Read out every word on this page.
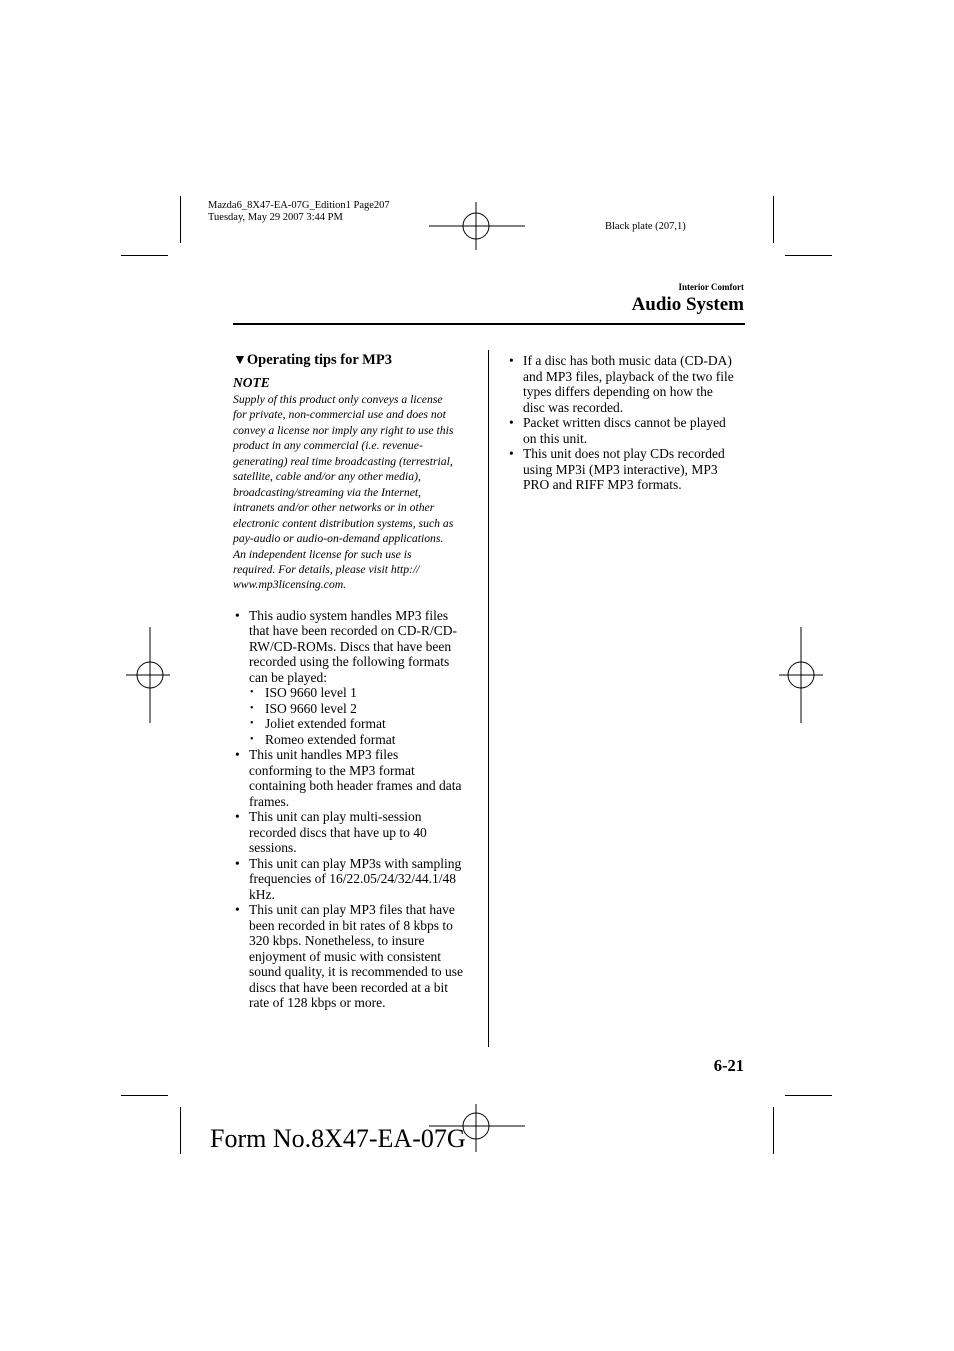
Mazda6_8X47-EA-07G_Edition1 Page207
Tuesday, May 29 2007 3:44 PM
Black plate (207,1)
Interior Comfort
Audio System
▼Operating tips for MP3
NOTE
Supply of this product only conveys a license
for private, non-commercial use and does not
convey a license nor imply any right to use this
product in any commercial (i.e. revenue-
generating) real time broadcasting (terrestrial,
satellite, cable and/or any other media),
broadcasting/streaming via the Internet,
intranets and/or other networks or in other
electronic content distribution systems, such as
pay-audio or audio-on-demand applications.
An independent license for such use is
required. For details, please visit http://
www.mp3licensing.com.
• This audio system handles MP3 files
that have been recorded on CD-R/CD-
RW/CD-ROMs. Discs that have been
recorded using the following formats
can be played:
• ISO 9660 level 1
• ISO 9660 level 2
• Joliet extended format
• Romeo extended format
• This unit handles MP3 files
conforming to the MP3 format
containing both header frames and data
frames.
• This unit can play multi-session
recorded discs that have up to 40
sessions.
• This unit can play MP3s with sampling
frequencies of 16/22.05/24/32/44.1/48
kHz.
• This unit can play MP3 files that have
been recorded in bit rates of 8 kbps to
320 kbps. Nonetheless, to insure
enjoyment of music with consistent
sound quality, it is recommended to use
discs that have been recorded at a bit
rate of 128 kbps or more.
• If a disc has both music data (CD-DA)
and MP3 files, playback of the two file
types differs depending on how the
disc was recorded.
• Packet written discs cannot be played
on this unit.
• This unit does not play CDs recorded
using MP3i (MP3 interactive), MP3
PRO and RIFF MP3 formats.
6-21
Form No.8X47-EA-07G
